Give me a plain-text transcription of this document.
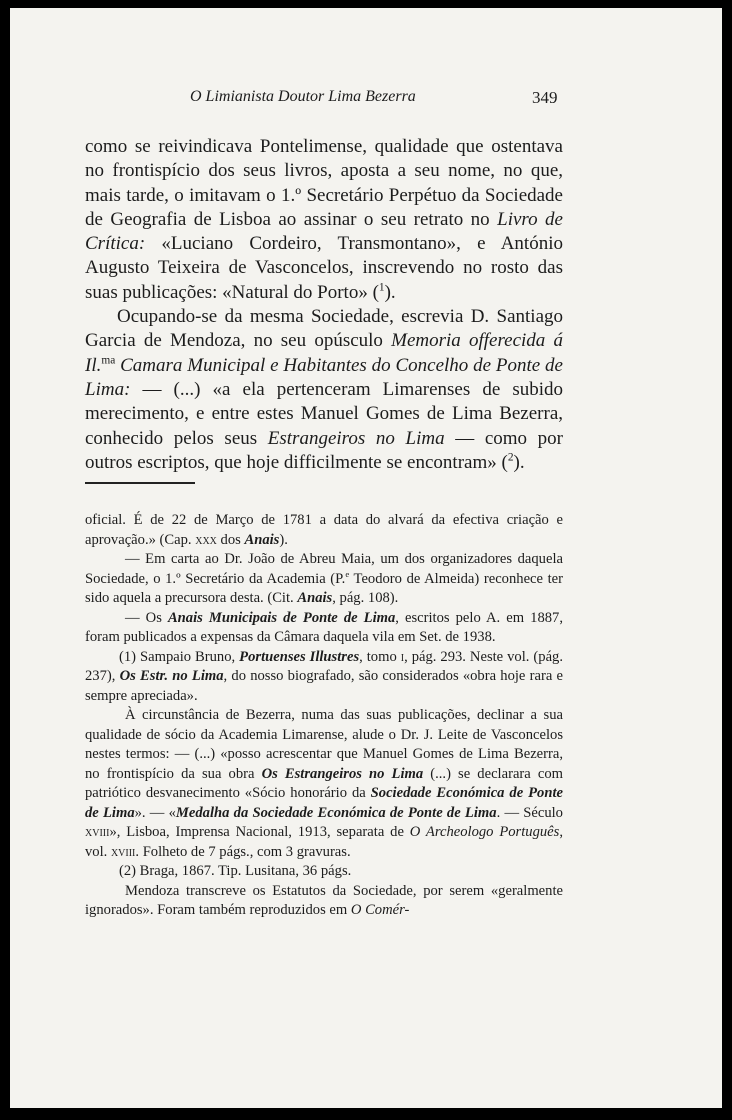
O Limianista Doutor Lima Bezerra	349

como se reivindicava Pontelimense, qualidade que ostentava no frontispício dos seus livros, aposta a seu nome, no que, mais tarde, o imitavam o 1.º Secretário Perpétuo da Sociedade de Geografia de Lisboa ao assinar o seu retrato no Livro de Crítica: «Luciano Cordeiro, Transmontano», e António Augusto Teixeira de Vasconcelos, inscrevendo no rosto das suas publicações: «Natural do Porto» ($^1$).

Ocupando-se da mesma Sociedade, escrevia D. Santiago Garcia de Mendoza, no seu opúsculo Memoria offerecida á Il.$^{ma}$ Camara Municipal e Habitantes do Concelho de Ponte de Lima: — (...) «a ela pertenceram Limarenses de subido merecimento, e entre estes Manuel Gomes de Lima Bezerra, conhecido pelos seus Estrangeiros no Lima — como por outros escriptos, que hoje difficilmente se encontram» ($^2$).

oficial. É de 22 de Março de 1781 a data do alvará da efectiva criação e aprovação.» (Cap. xxx dos Anais).

— Em carta ao Dr. João de Abreu Maia, um dos organizadores daquela Sociedade, o 1.º Secretário da Academia (P.$^e$ Teodoro de Almeida) reconhece ter sido aquela a precursora desta. (Cit. Anais, pág. 108).

— Os Anais Municipais de Ponte de Lima, escritos pelo A. em 1887, foram publicados a expensas da Câmara daquela vila em Set. de 1938.

(1) Sampaio Bruno, Portuenses Illustres, tomo i, pág. 293. Neste vol. (pág. 237), Os Estr. no Lima, do nosso biografado, são considerados «obra hoje rara e sempre apreciada».

À circunstância de Bezerra, numa das suas publicações, declinar a sua qualidade de sócio da Academia Limarense, alude o Dr. J. Leite de Vasconcelos nestes termos: — (...) «posso acrescentar que Manuel Gomes de Lima Bezerra, no frontispício da sua obra Os Estrangeiros no Lima (...) se declarara com patriótico desvanecimento «Sócio honorário da Sociedade Económica de Ponte de Lima». — «Medalha da Sociedade Económica de Ponte de Lima. — Século xviii», Lisboa, Imprensa Nacional, 1913, separata de O Archeologo Português, vol. xviii. Folheto de 7 págs., com 3 gravuras.

(2) Braga, 1867. Tip. Lusitana, 36 págs.

Mendoza transcreve os Estatutos da Sociedade, por serem «geralmente ignorados». Foram também reproduzidos em O Comér-
